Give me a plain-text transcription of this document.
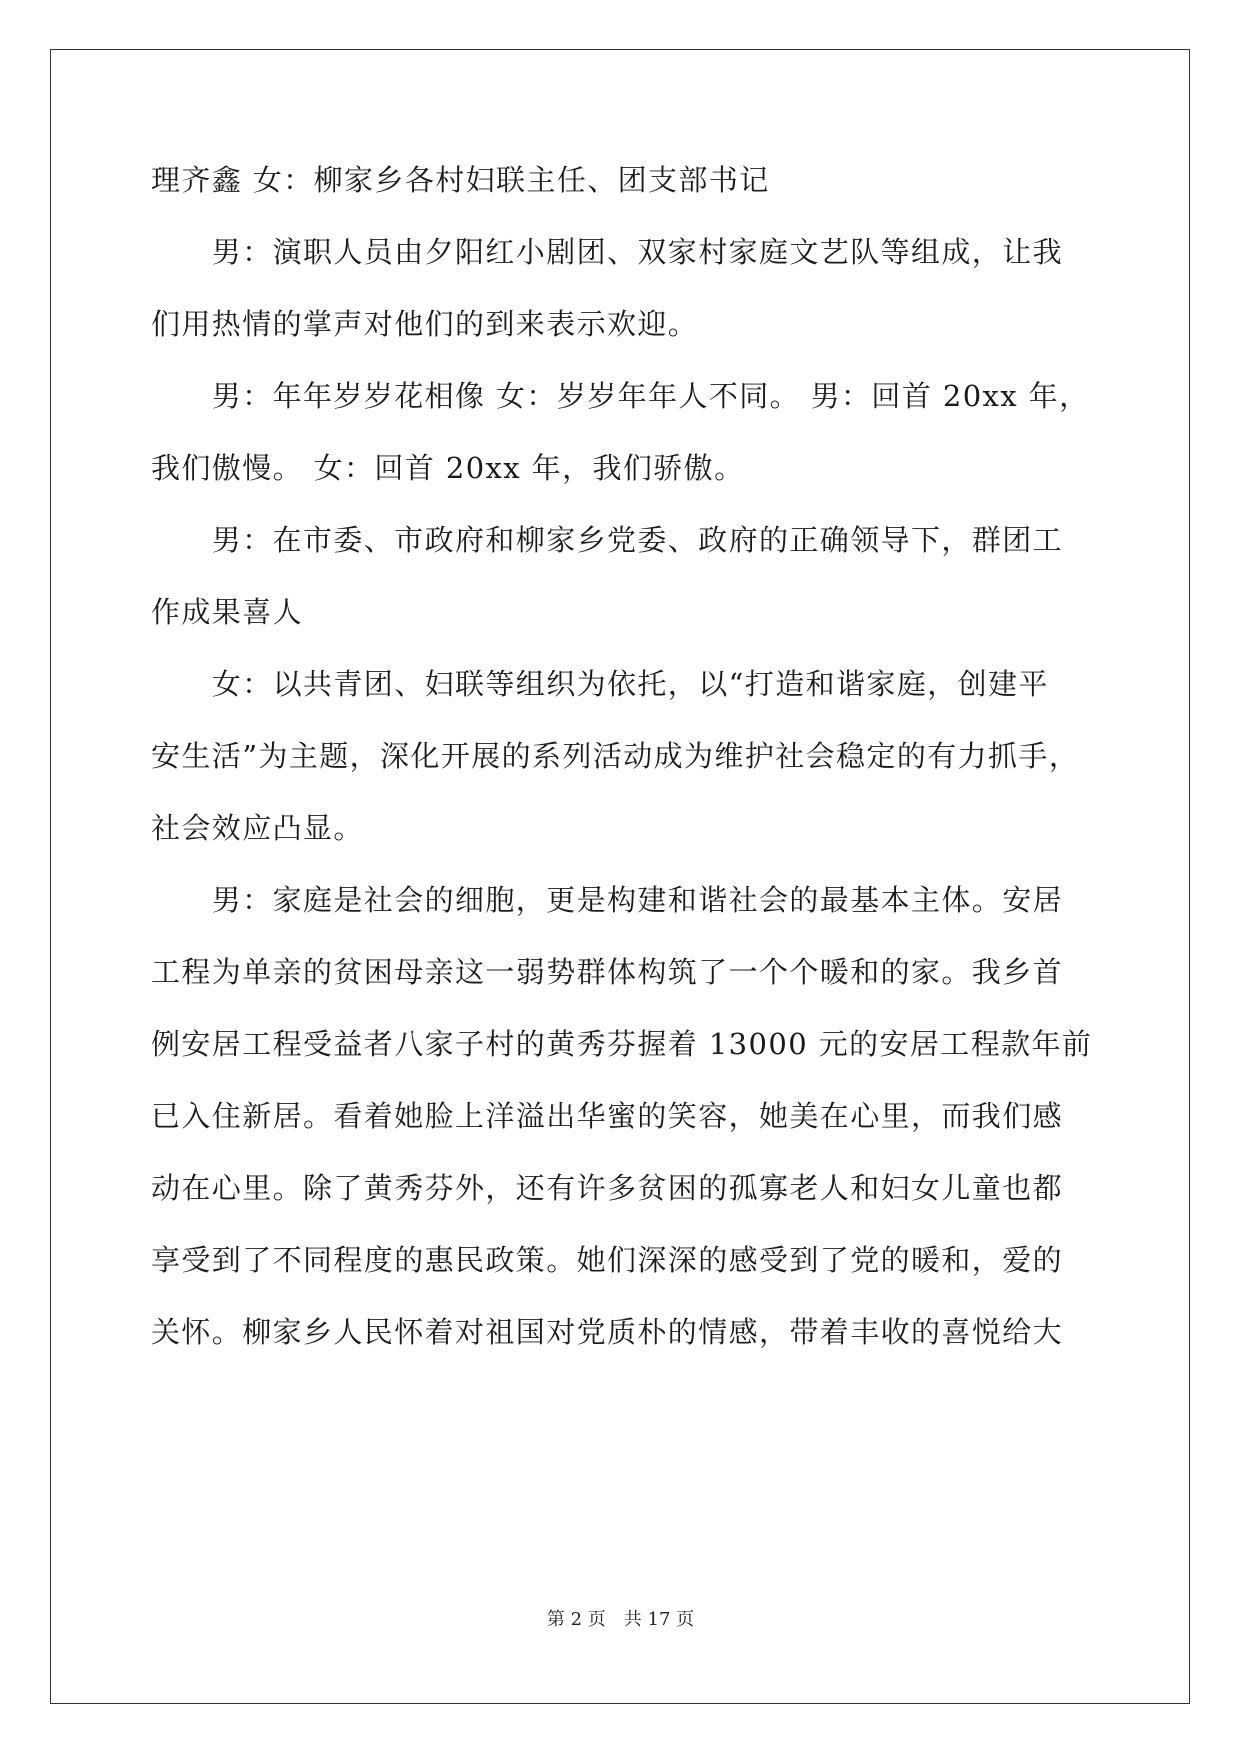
理齐鑫 女：柳家乡各村妇联主任、团支部书记
　　男：演职人员由夕阳红小剧团、双家村家庭文艺队等组成，让我
们用热情的掌声对他们的到来表示欢迎。
　　男：年年岁岁花相像 女：岁岁年年人不同。 男：回首 20xx 年，
我们傲慢。 女：回首 20xx 年，我们骄傲。
　　男：在市委、市政府和柳家乡党委、政府的正确领导下，群团工
作成果喜人
　　女：以共青团、妇联等组织为依托，以“打造和谐家庭，创建平
安生活”为主题，深化开展的系列活动成为维护社会稳定的有力抓手，
社会效应凸显。
　　男：家庭是社会的细胞，更是构建和谐社会的最基本主体。安居
工程为单亲的贫困母亲这一弱势群体构筑了一个个暖和的家。我乡首
例安居工程受益者八家子村的黄秀芬握着 13000 元的安居工程款年前
已入住新居。看着她脸上洋溢出华蜜的笑容，她美在心里，而我们感
动在心里。除了黄秀芬外，还有许多贫困的孤寡老人和妇女儿童也都
享受到了不同程度的惠民政策。她们深深的感受到了党的暖和，爱的
关怀。柳家乡人民怀着对祖国对党质朴的情感，带着丰收的喜悦给大
第 2 页　共 17 页
